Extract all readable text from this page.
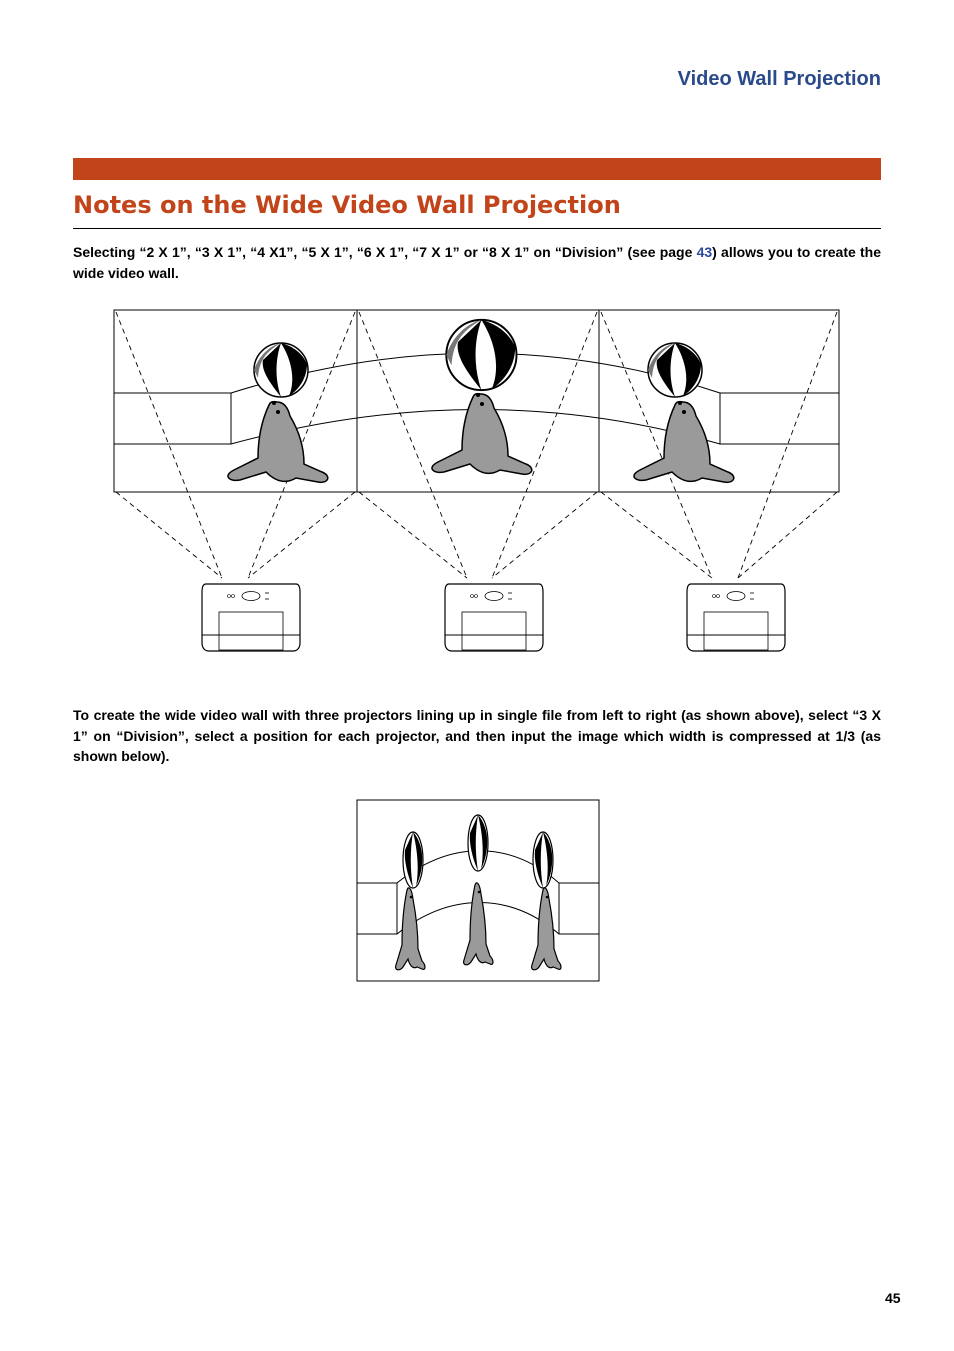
Video Wall Projection
Notes on the Wide Video Wall Projection

Selecting “2 X 1”, “3 X 1”, “4 X1”, “5 X 1”, “6 X 1”, “7 X 1” or “8 X 1” on “Division” (see page 43) allows you to create the wide video wall.

To create the wide video wall with three projectors lining up in single file from left to right (as shown above), select “3 X 1” on “Division”, select a position for each projector, and then input the image which width is compressed at 1/3 (as shown below).

45
